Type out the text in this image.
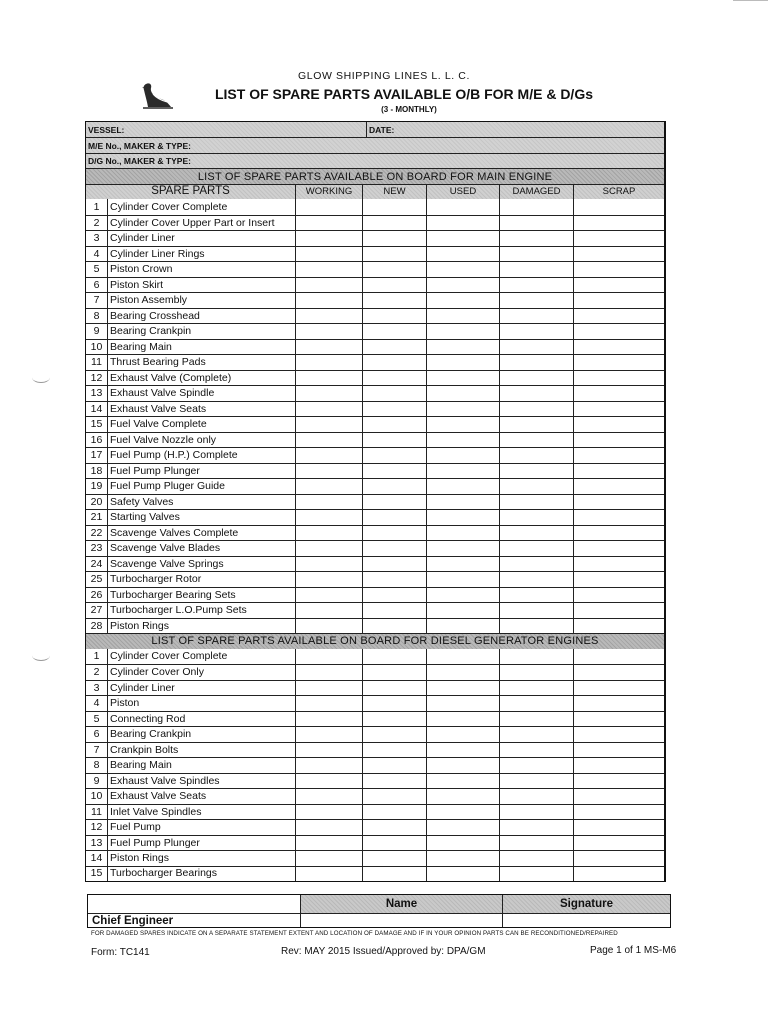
GLOW SHIPPING LINES L. L. C.
LIST OF SPARE PARTS AVAILABLE O/B FOR M/E & D/Gs
(3 - MONTHLY)
VESSEL:	DATE:
M/E No., MAKER & TYPE:
D/G No., MAKER & TYPE:
LIST OF SPARE PARTS AVAILABLE ON BOARD FOR MAIN ENGINE
SPARE PARTS	WORKING	NEW	USED	DAMAGED	SCRAP
1	Cylinder Cover Complete
2	Cylinder Cover Upper Part or Insert
3	Cylinder Liner
4	Cylinder Liner Rings
5	Piston Crown
6	Piston Skirt
7	Piston Assembly
8	Bearing Crosshead
9	Bearing Crankpin
10 Bearing Main
11 Thrust Bearing Pads
12 Exhaust Valve (Complete)
13 Exhaust Valve Spindle
14 Exhaust Valve Seats
15 Fuel Valve Complete
16 Fuel Valve Nozzle only
17 Fuel Pump (H.P.) Complete
18 Fuel Pump Plunger
19 Fuel Pump Pluger Guide
20 Safety Valves
21 Starting Valves
22 Scavenge Valves Complete
23 Scavenge Valve Blades
24 Scavenge Valve Springs
25 Turbocharger Rotor
26 Turbocharger Bearing Sets
27 Turbocharger L.O.Pump Sets
28 Piston Rings
LIST OF SPARE PARTS AVAILABLE ON BOARD FOR DIESEL GENERATOR ENGINES
1	Cylinder Cover Complete
2	Cylinder Cover Only
3	Cylinder Liner
4	Piston
5	Connecting Rod
6	Bearing Crankpin
7	Crankpin Bolts
8	Bearing Main
9	Exhaust Valve Spindles
10 Exhaust Valve Seats
11 Inlet Valve Spindles
12 Fuel Pump
13 Fuel Pump Plunger
14 Piston Rings
15 Turbocharger Bearings
Name	Signature
Chief Engineer
FOR DAMAGED SPARES INDICATE ON A SEPARATE STATEMENT EXTENT AND LOCATION OF DAMAGE AND IF IN YOUR OPINION PARTS CAN BE RECONDITIONED/REPAIRED
Form: TC141	Rev: MAY 2015 Issued/Approved by: DPA/GM	Page 1 of 1 MS-M6
